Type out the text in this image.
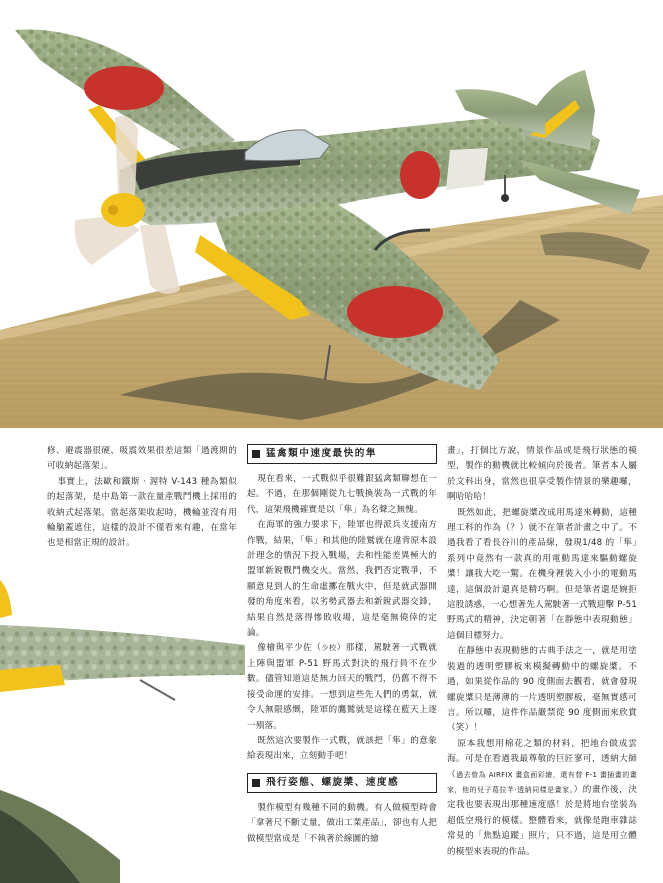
修、避震器很硬、吸震效果很差這類「過渡期的可收納起落架」。

事實上，法歐和鐵斯 ‧ 渥特 V-143 種為類似的起落架，是中島第一款在量產戰鬥機上採用的收納式起落架。當起落架收起時，機輪並沒有用輪艙蓋遮住，這樣的設計不僅看來有趣，在當年也是相當正規的設計。

猛禽類中速度最快的隼

現在看來，一式戰似乎很難跟猛禽類聯想在一起。不過，在那個剛從九七戰換裝為一式戰的年代，這架飛機確實是以「隼」為名聲之無愧。

在海軍的強力要求下，陸軍也得派兵支援南方作戰，結果，「隼」和其他的陸鷲就在違背原本設計理念的情況下投入戰場，去和性能差異極大的盟軍新銳戰鬥機交火。當然，我們否定戰爭，不願意見到人的生命虛擲在戰火中，但是就武器開發的角度來看，以劣勢武器去和新銳武器交鋒，結果自然是落得慘敗收場，這是毫無僥倖的定論。

像檜與平少佐（少校）那樣，駕駛著一式戰就上陣與盟軍 P-51 野馬式對決的飛行員不在少數。儘管知道這是無力回天的戰鬥，仍舊不得不接受命運的安排。一想到這些先人們的勇氣，就令人無限感慨，陸軍的鷹鷲就是這樣在藍天上逐一殞落。

既然這次要製作一式戰，就該把「隼」的意象給表現出來，立刻動手吧！

飛行姿態、螺旋槳、速度感

製作模型有幾種不同的動機。有人做模型時會「拿著尺不斷丈量，做出工業產品」，卻也有人把做模型當成是「不執著於線圖的繪

畫」，打個比方說，情景作品或是飛行狀態的模型，製作的動機就比較傾向於後者。筆者本人屬於文科出身，當然也很享受製作情景的樂趣囉，啊哈哈哈！

既然如此，把螺旋槳改成用馬達來轉動，這種理工科的作為（？）就不在筆者計畫之中了。不過我看了看長谷川的產品線，發現1/48 的「隼」系列中竟然有一款真的用電動馬達來驅動螺旋槳！讓我大吃一驚。在機身裡裝入小小的電動馬達，這個設計還真是精巧啊。但是筆者還是婉拒這股誘惑，一心想著先人駕駛著一式戰迎擊 P-51 野馬式的精神，決定朝著「在靜態中表現動態」這個目標努力。

在靜態中表現動態的古典手法之一，就是用塗裝過的透明塑膠板來模擬轉動中的螺旋槳。不過，如果從作品的 90 度側面去觀看，就會發現螺旋槳只是薄薄的一片透明塑膠板，毫無實感可言。所以囉，這件作品嚴禁從 90 度側面來欣賞（笑）！

原本我想用棉花之類的材料，把地台做成雲海。可是在看過我最尊敬的巨匠寥可，透納大師（過去曾為 AIRFIX 畫盒面彩繪，還有替 F-1 畫插畫的畫家，他的兒子葛拉芊‧透納同樣是畫家。）的畫作後，決定我也要表現出那種速度感！於是將地台塗裝為超低空飛行的模樣。整體看來，就像是跑車雜誌常見的「焦點追蹤」照片，只不過，這是用立體的模型來表現的作品。
